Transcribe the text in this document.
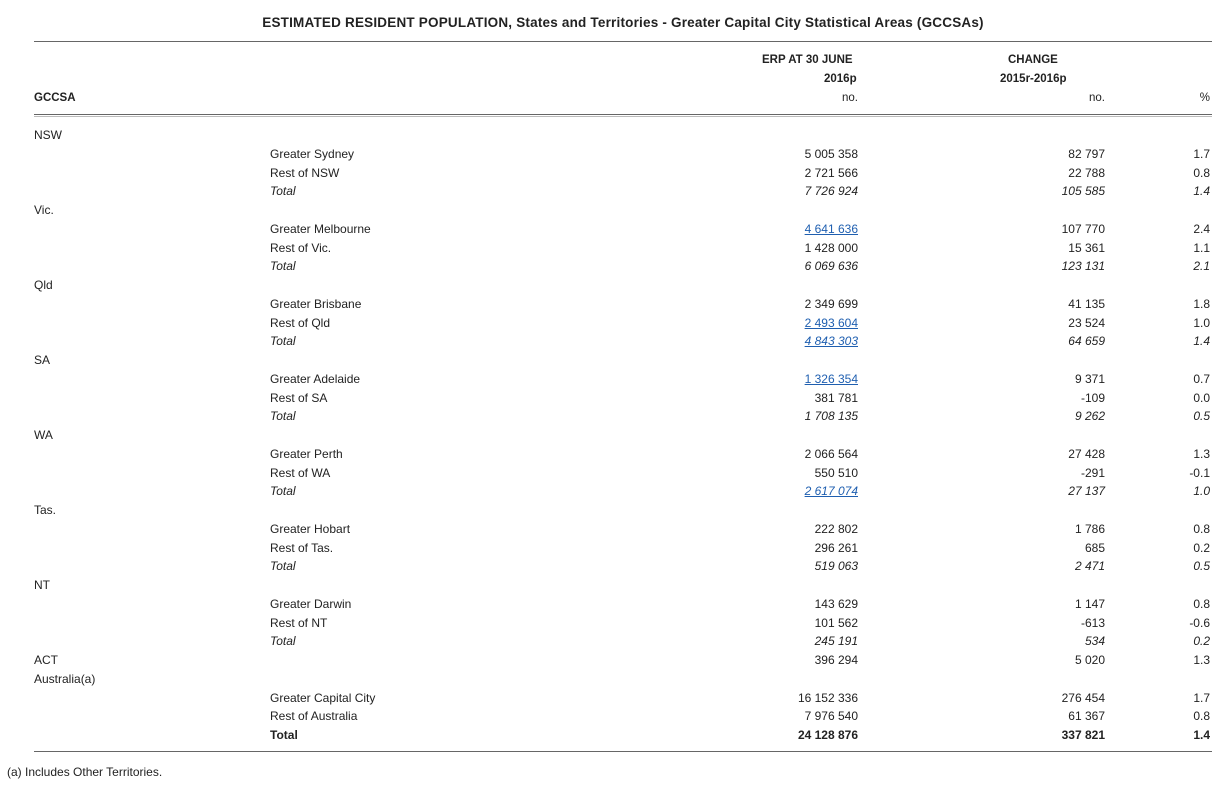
ESTIMATED RESIDENT POPULATION, States and Territories - Greater Capital City Statistical Areas (GCCSAs)
ERP AT 30 JUNE
2016p
no.
CHANGE
2015r-2016p
no.	%
GCCSA
NSW
Greater Sydney	5 005 358	82 797	1.7
Rest of NSW	2 721 566	22 788	0.8
Total	7 726 924	105 585	1.4
Vic.
Greater Melbourne	4 641 636	107 770	2.4
Rest of Vic.	1 428 000	15 361	1.1
Total	6 069 636	123 131	2.1
Qld
Greater Brisbane	2 349 699	41 135	1.8
Rest of Qld	2 493 604	23 524	1.0
Total	4 843 303	64 659	1.4
SA
Greater Adelaide	1 326 354	9 371	0.7
Rest of SA	381 781	-109	0.0
Total	1 708 135	9 262	0.5
WA
Greater Perth	2 066 564	27 428	1.3
Rest of WA	550 510	-291	-0.1
Total	2 617 074	27 137	1.0
Tas.
Greater Hobart	222 802	1 786	0.8
Rest of Tas.	296 261	685	0.2
Total	519 063	2 471	0.5
NT
Greater Darwin	143 629	1 147	0.8
Rest of NT	101 562	-613	-0.6
Total	245 191	534	0.2
ACT	396 294	5 020	1.3
Australia(a)
Greater Capital City	16 152 336	276 454	1.7
Rest of Australia	7 976 540	61 367	0.8
Total	24 128 876	337 821	1.4
(a) Includes Other Territories.
